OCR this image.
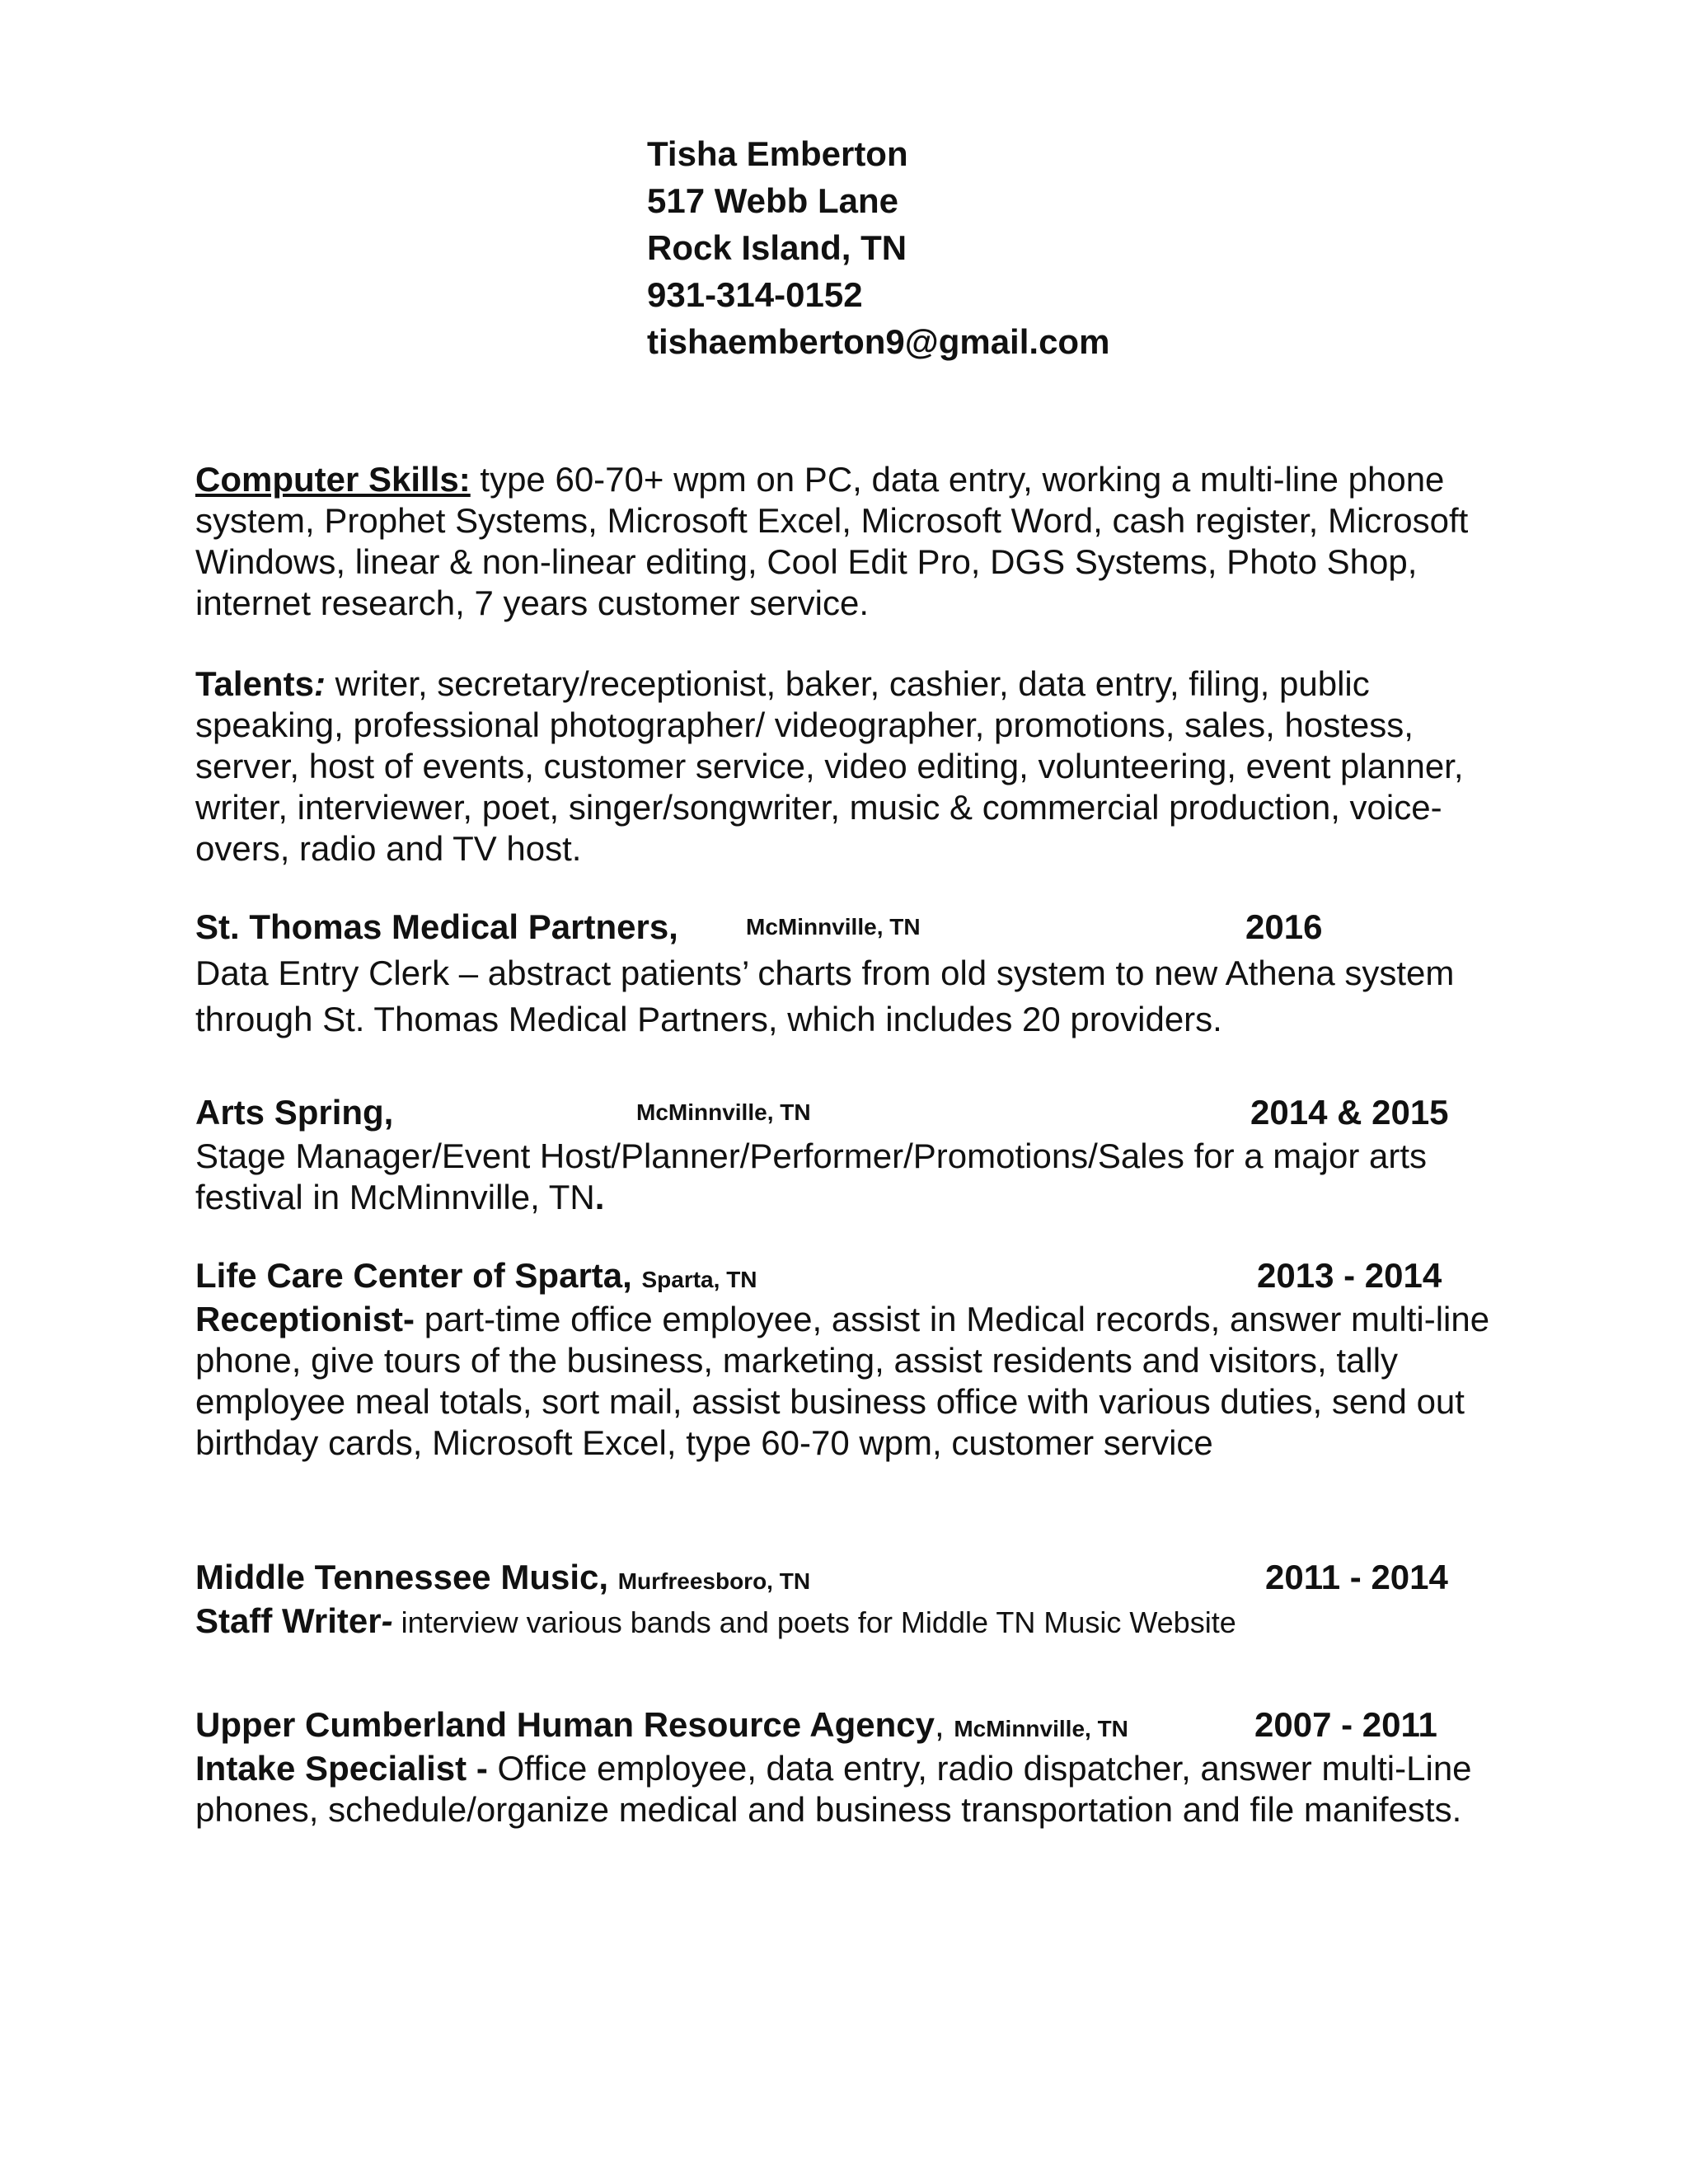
Tisha Emberton
517 Webb Lane
Rock Island, TN
931-314-0152
tishaemberton9@gmail.com
Computer Skills: type 60-70+ wpm on PC, data entry, working a multi-line phone system, Prophet Systems, Microsoft Excel, Microsoft Word, cash register, Microsoft Windows, linear & non-linear editing, Cool Edit Pro, DGS Systems, Photo Shop, internet research, 7 years customer service.
Talents: writer, secretary/receptionist, baker, cashier, data entry, filing, public speaking, professional photographer/ videographer, promotions, sales, hostess, server, host of events, customer service, video editing, volunteering, event planner, writer, interviewer, poet, singer/songwriter, music & commercial production, voice-overs, radio and TV host.
St. Thomas Medical Partners,	McMinnville, TN	2016
Data Entry Clerk – abstract patients’ charts from old system to new Athena system through St. Thomas Medical Partners, which includes 20 providers.
Arts Spring,	McMinnville, TN	2014 & 2015
Stage Manager/Event Host/Planner/Performer/Promotions/Sales for a major arts festival in McMinnville, TN.
Life Care Center of Sparta, Sparta, TN	2013 - 2014
Receptionist- part-time office employee, assist in Medical records, answer multi-line phone, give tours of the business, marketing, assist residents and visitors, tally employee meal totals, sort mail, assist business office with various duties, send out birthday cards, Microsoft Excel, type 60-70 wpm, customer service
Middle Tennessee Music, Murfreesboro, TN	2011 - 2014
Staff Writer- interview various bands and poets for Middle TN Music Website
Upper Cumberland Human Resource Agency, McMinnville, TN	2007 - 2011
Intake Specialist - Office employee, data entry, radio dispatcher, answer multi-Line phones, schedule/organize medical and business transportation and file manifests.
